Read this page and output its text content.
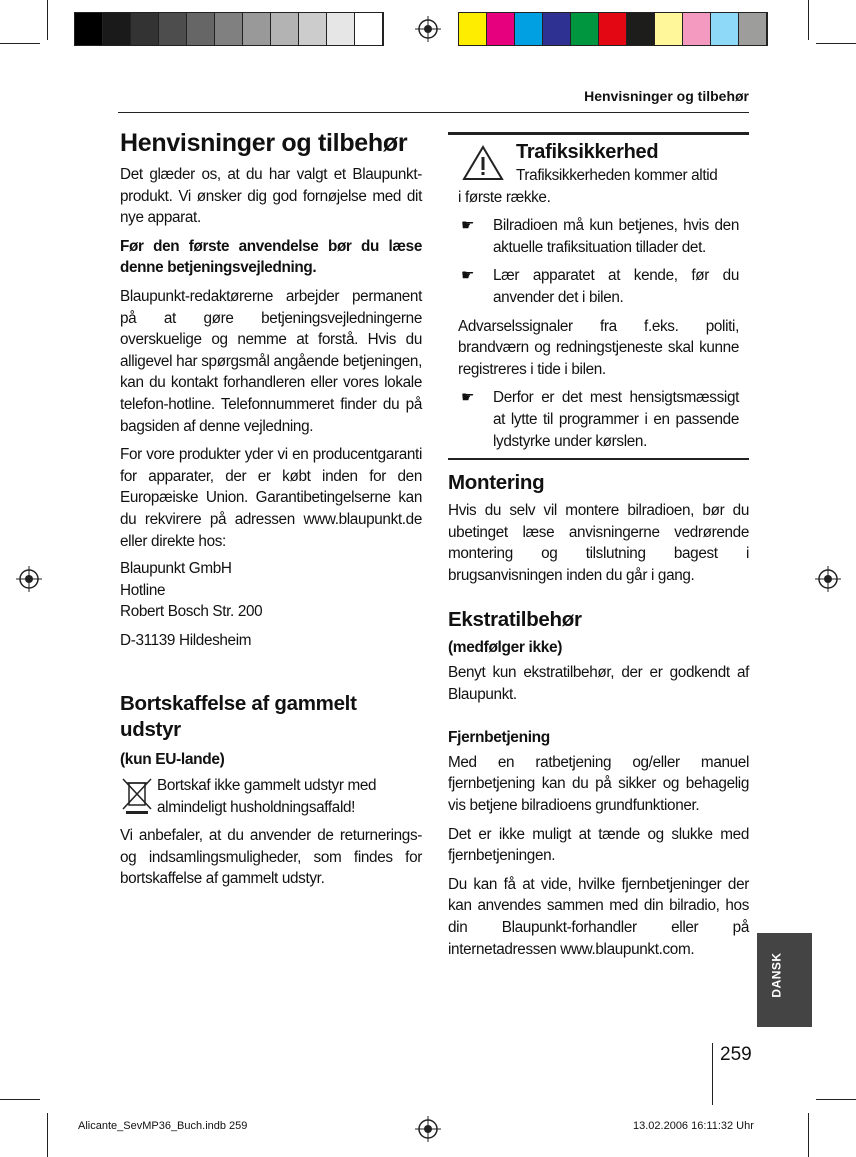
Henvisninger og tilbehør
Henvisninger og tilbehør

Det glæder os, at du har valgt et Blaupunkt-produkt. Vi ønsker dig god fornøjelse med dit nye apparat.

Før den første anvendelse bør du læse denne betjeningsvejledning.

Blaupunkt-redaktørerne arbejder permanent på at gøre betjeningsvejledningerne overskuelige og nemme at forstå. Hvis du alligevel har spørgsmål angående betjeningen, kan du kontakt forhandleren eller vores lokale telefon-hotline. Telefonnummeret finder du på bagsiden af denne vejledning.

For vore produkter yder vi en producentgaranti for apparater, der er købt inden for den Europæiske Union. Garantibetingelserne kan du rekvirere på adressen www.blaupunkt.de eller direkte hos:

Blaupunkt GmbH
Hotline
Robert Bosch Str. 200
D-31139 Hildesheim
Bortskaffelse af gammelt udstyr
(kun EU-lande)
Bortskaf ikke gammelt udstyr med almindeligt husholdningsaffald!

Vi anbefaler, at du anvender de returnerings- og indsamlingsmuligheder, som findes for bortskaffelse af gammelt udstyr.

Trafiksikkerhed
Trafiksikkerheden kommer altid

i første række.

☛	Bilradioen må kun betjenes, hvis den aktuelle trafiksituation tillader det.
☛	Lær apparatet at kende, før du anvender det i bilen.

Advarselssignaler fra f.eks. politi, brandværn og redningstjeneste skal kunne registreres i tide i bilen.

☛	Derfor er det mest hensigtsmæssigt at lytte til programmer i en passende lydstyrke under kørslen.
Montering

Hvis du selv vil montere bilradioen, bør du ubetinget læse anvisningerne vedrørende montering og tilslutning bagest i brugsanvisningen inden du går i gang.

Ekstratilbehør
(medfølger ikke)

Benyt kun ekstratilbehør, der er godkendt af Blaupunkt.

Fjernbetjening

Med en ratbetjening og/eller manuel fjernbetjening kan du på sikker og behagelig vis betjene bilradioens grundfunktioner.

Det er ikke muligt at tænde og slukke med fjernbetjeningen.

Du kan få at vide, hvilke fjernbetjeninger der kan anvendes sammen med din bilradio, hos din Blaupunkt-forhandler eller på internetadressen www.blaupunkt.com.

DANSK
259
Alicante_SevMP36_Buch.indb 259	13.02.2006 16:11:32 Uhr
